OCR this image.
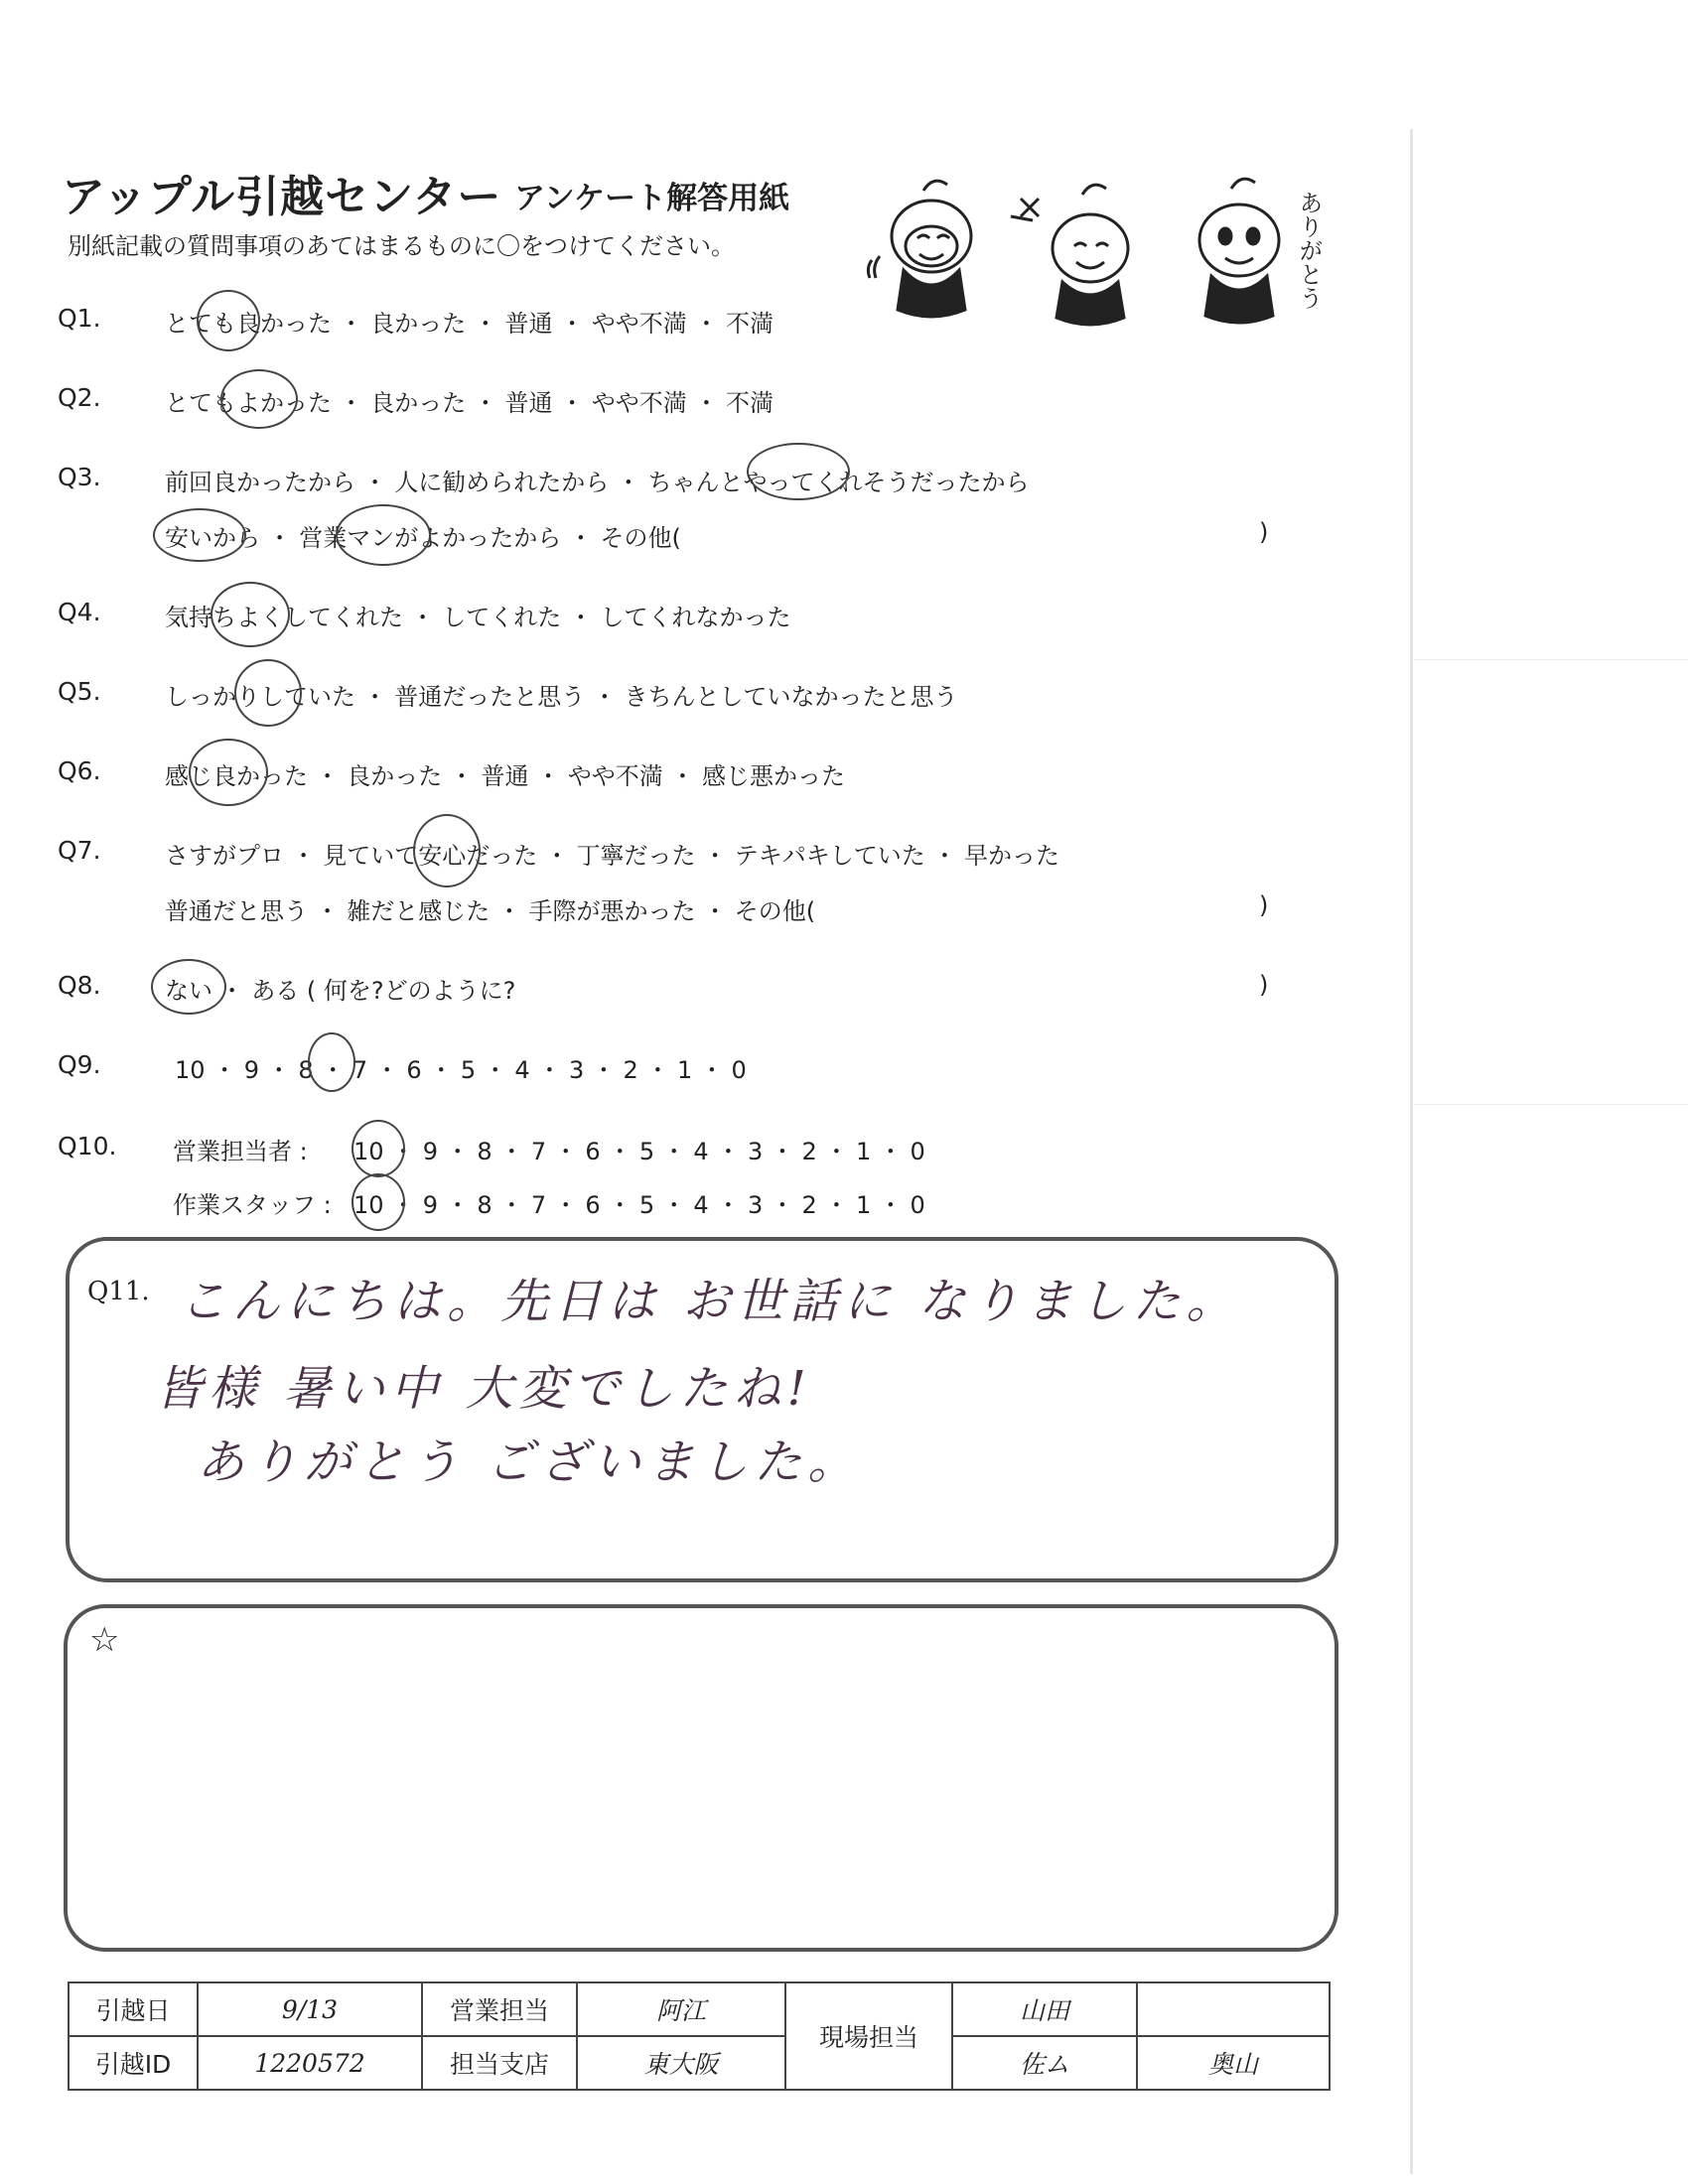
アップル引越センター アンケート解答用紙
別紙記載の質問事項のあてはまるものに〇をつけてください。	ありがとう
Q1.	とても良かった ・ 良かった ・ 普通 ・ やや不満 ・ 不満
Q2.	とてもよかった ・ 良かった ・ 普通 ・ やや不満 ・ 不満
Q3.	前回良かったから ・ 人に勧められたから ・ ちゃんとやってくれそうだったから
安いから ・ 営業マンがよかったから ・ その他(	)
Q4.	気持ちよくしてくれた ・ してくれた ・ してくれなかった
Q5.	しっかりしていた ・ 普通だったと思う ・ きちんとしていなかったと思う
Q6.	感じ良かった ・ 良かった ・ 普通 ・ やや不満 ・ 感じ悪かった
Q7.	さすがプロ ・ 見ていて安心だった ・ 丁寧だった ・ テキパキしていた ・ 早かった
普通だと思う ・ 雑だと感じた ・ 手際が悪かった ・ その他(	)
Q8.	ない ・ ある ( 何を?どのように?	)
Q9.	10 ・ 9 ・ 8 ・ 7 ・ 6 ・ 5 ・ 4 ・ 3 ・ 2 ・ 1 ・ 0
Q10. 営業担当者 : 10 ・ 9 ・ 8 ・ 7 ・ 6 ・ 5 ・ 4 ・ 3 ・ 2 ・ 1 ・ 0
作業スタッフ : 10 ・ 9 ・ 8 ・ 7 ・ 6 ・ 5 ・ 4 ・ 3 ・ 2 ・ 1 ・ 0
Q11. こんにちは。先日は お世話に なりました。
皆様 暑い中 大変でしたね!
ありがとう ございました。
☆
引越日	9/13	営業担当	阿江	現場担当	山田	
引越ID	1220572	担当支店	東大阪		佐ム	奥山
